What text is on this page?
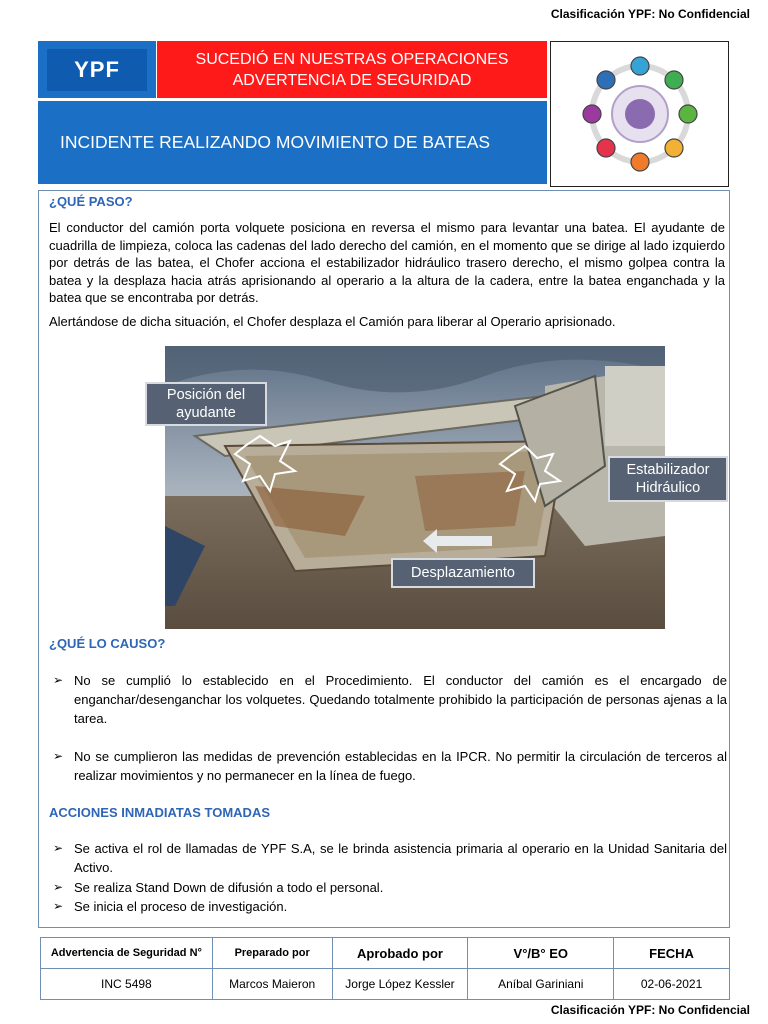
Clasificación YPF: No Confidencial
YPF	SUCEDIÓ EN NUESTRAS OPERACIONES
ADVERTENCIA DE SEGURIDAD
INCIDENTE REALIZANDO MOVIMIENTO DE BATEAS
¿QUÉ PASO?
El conductor del camión porta volquete posiciona en reversa el mismo para levantar una batea. El ayudante de cuadrilla de limpieza, coloca las cadenas del lado derecho del camión, en el momento que se dirige al lado izquierdo por detrás de las batea, el Chofer acciona el estabilizador hidráulico trasero derecho, el mismo golpea contra la batea y la desplaza hacia atrás aprisionando al operario a la altura de la cadera, entre la batea enganchada y la batea que se encontraba por detrás.
Alertándose de dicha situación, el Chofer desplaza el Camión para liberar al Operario aprisionado.
Posición del ayudante
Estabilizador Hidráulico
Desplazamiento
¿QUÉ LO CAUSO?
➢ No se cumplió lo establecido en el Procedimiento. El conductor del camión es el encargado de enganchar/desenganchar los volquetes. Quedando totalmente prohibido la participación de personas ajenas a la tarea.
➢ No se cumplieron las medidas de prevención establecidas en la IPCR. No permitir la circulación de terceros al realizar movimientos y no permanecer en la línea de fuego.
ACCIONES INMADIATAS TOMADAS
➢ Se activa el rol de llamadas de YPF S.A, se le brinda asistencia primaria al operario en la Unidad Sanitaria del Activo.
➢ Se realiza Stand Down de difusión a todo el personal.
➢ Se inicia el proceso de investigación.
Advertencia de Seguridad N°	Preparado por	Aprobado por	V°/B° EO	FECHA
INC 5498	Marcos Maieron	Jorge López Kessler	Aníbal Gariniani	02-06-2021
Clasificación YPF: No Confidencial
